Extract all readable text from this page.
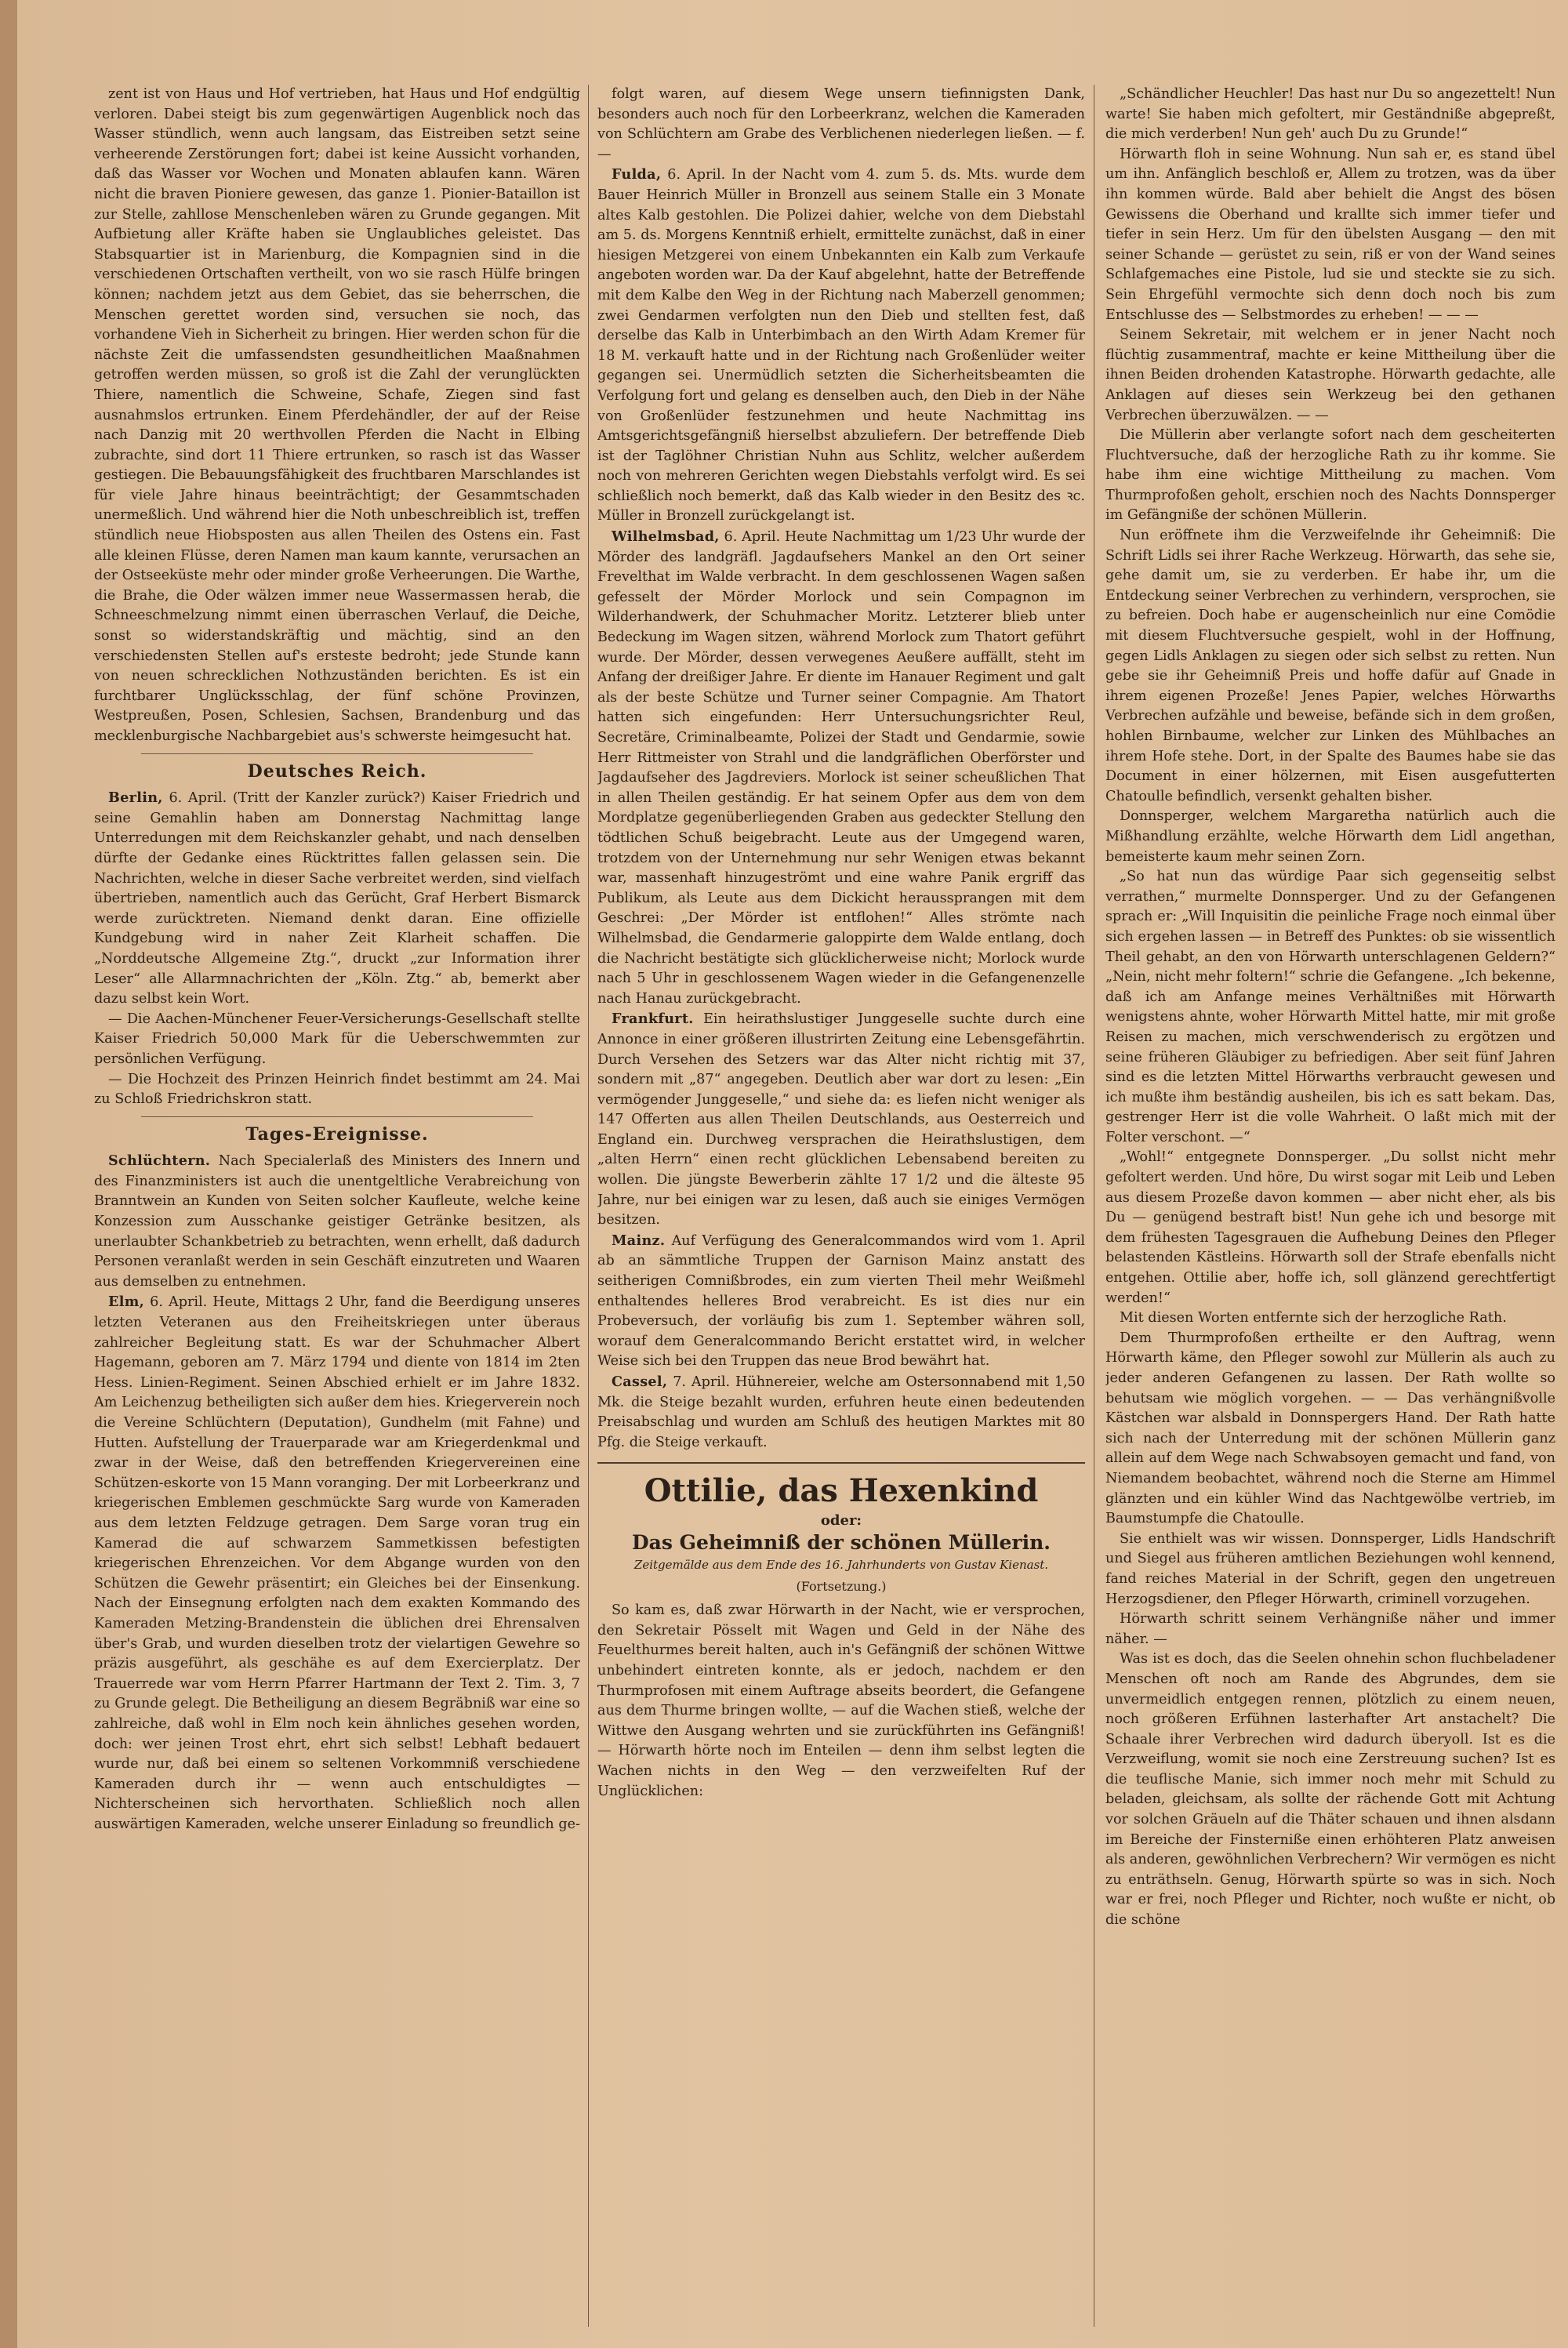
zent ist von Haus und Hof vertrieben, hat Haus und Hof endgültig verloren. Dabei steigt bis zum gegenwärtigen Augenblick noch das Wasser stündlich, wenn auch langsam, das Eistreiben setzt seine verheerende Zerstörungen fort; dabei ist keine Aussicht vorhanden, daß das Wasser vor Wochen und Monaten ablaufen kann. Wären nicht die braven Pioniere gewesen, das ganze 1. Pionier-Bataillon ist zur Stelle, zahllose Menschenleben wären zu Grunde gegangen. Mit Aufbietung aller Kräfte haben sie Unglaubliches geleistet. Das Stabsquartier ist in Marienburg, die Kompagnien sind in die verschiedenen Ortschaften vertheilt, von wo sie rasch Hülfe bringen können; nachdem jetzt aus dem Gebiet, das sie beherrschen, die Menschen gerettet worden sind, versuchen sie noch, das vorhandene Vieh in Sicherheit zu bringen. Hier werden schon für die nächste Zeit die umfassendsten gesundheitlichen Maaßnahmen getroffen werden müssen, so groß ist die Zahl der verunglückten Thiere, namentlich die Schweine, Schafe, Ziegen sind fast ausnahmslos ertrunken. Einem Pferdehändler, der auf der Reise nach Danzig mit 20 werthvollen Pferden die Nacht in Elbing zubrachte, sind dort 11 Thiere ertrunken, so rasch ist das Wasser gestiegen. Die Bebauungsfähigkeit des fruchtbaren Marschlandes ist für viele Jahre hinaus beeinträchtigt; der Gesammtschaden unermeßlich. Und während hier die Noth unbeschreiblich ist, treffen stündlich neue Hiobsposten aus allen Theilen des Ostens ein. Fast alle kleinen Flüsse, deren Namen man kaum kannte, verursachen an der Ostseeküste mehr oder minder große Verheerungen. Die Warthe, die Brahe, die Oder wälzen immer neue Wassermassen herab, die Schneeschmelzung nimmt einen überraschen Verlauf, die Deiche, sonst so widerstandskräftig und mächtig, sind an den verschiedensten Stellen auf's ersteste bedroht; jede Stunde kann von neuen schrecklichen Nothzuständen berichten. Es ist ein furchtbarer Unglücksschlag, der fünf schöne Provinzen, Westpreußen, Posen, Schlesien, Sachsen, Brandenburg und das mecklenburgische Nachbargebiet aus's schwerste heimgesucht hat.

Deutsches Reich.

Berlin, 6. April. (Tritt der Kanzler zurück?) Kaiser Friedrich und seine Gemahlin haben am Donnerstag Nachmittag lange Unterredungen mit dem Reichskanzler gehabt, und nach denselben dürfte der Gedanke eines Rücktrittes fallen gelassen sein. Die Nachrichten, welche in dieser Sache verbreitet werden, sind vielfach übertrieben, namentlich auch das Gerücht, Graf Herbert Bismarck werde zurücktreten. Niemand denkt daran. Eine offizielle Kundgebung wird in naher Zeit Klarheit schaffen. Die „Norddeutsche Allgemeine Ztg.“, druckt „zur Information ihrer Leser“ alle Allarmnachrichten der „Köln. Ztg.“ ab, bemerkt aber dazu selbst kein Wort.

— Die Aachen-Münchener Feuer-Versicherungs-Gesellschaft stellte Kaiser Friedrich 50,000 Mark für die Ueberschwemmten zur persönlichen Verfügung.

— Die Hochzeit des Prinzen Heinrich findet bestimmt am 24. Mai zu Schloß Friedrichskron statt.

Tages-Ereignisse.

Schlüchtern. Nach Specialerlaß des Ministers des Innern und des Finanzministers ist auch die unentgeltliche Verabreichung von Branntwein an Kunden von Seiten solcher Kaufleute, welche keine Konzession zum Ausschanke geistiger Getränke besitzen, als unerlaubter Schankbetrieb zu betrachten, wenn erhellt, daß dadurch Personen veranlaßt werden in sein Geschäft einzutreten und Waaren aus demselben zu entnehmen.

Elm, 6. April. Heute, Mittags 2 Uhr, fand die Beerdigung unseres letzten Veteranen aus den Freiheitskriegen unter überaus zahlreicher Begleitung statt. Es war der Schuhmacher Albert Hagemann, geboren am 7. März 1794 und diente von 1814 im 2ten Hess. Linien-Regiment. Seinen Abschied erhielt er im Jahre 1832. Am Leichenzug betheiligten sich außer dem hies. Kriegerverein noch die Vereine Schlüchtern (Deputation), Gundhelm (mit Fahne) und Hutten. Aufstellung der Trauerparade war am Kriegerdenkmal und zwar in der Weise, daß den betreffenden Kriegervereinen eine Schützen-eskorte von 15 Mann voranging. Der mit Lorbeerkranz und kriegerischen Emblemen geschmückte Sarg wurde von Kameraden aus dem letzten Feldzuge getragen. Dem Sarge voran trug ein Kamerad die auf schwarzem Sammetkissen befestigten kriegerischen Ehrenzeichen. Vor dem Abgange wurden von den Schützen die Gewehr präsentirt; ein Gleiches bei der Einsenkung. Nach der Einsegnung erfolgten nach dem exakten Kommando des Kameraden Metzing-Brandenstein die üblichen drei Ehrensalven über's Grab, und wurden dieselben trotz der vielartigen Gewehre so präzis ausgeführt, als geschähe es auf dem Exercierplatz. Der Trauerrede war vom Herrn Pfarrer Hartmann der Text 2. Tim. 3, 7 zu Grunde gelegt. Die Betheiligung an diesem Begräbniß war eine so zahlreiche, daß wohl in Elm noch kein ähnliches gesehen worden, doch: wer jeinen Trost ehrt, ehrt sich selbst! Lebhaft bedauert wurde nur, daß bei einem so seltenen Vorkommniß verschiedene Kameraden durch ihr — wenn auch entschuldigtes — Nichterscheinen sich hervorthaten. Schließlich noch allen auswärtigen Kameraden, welche unserer Einladung so freundlich ge-

folgt waren, auf diesem Wege unsern tiefinnigsten Dank, besonders auch noch für den Lorbeerkranz, welchen die Kameraden von Schlüchtern am Grabe des Verblichenen niederlegen ließen. — f. —

Fulda, 6. April. In der Nacht vom 4. zum 5. ds. Mts. wurde dem Bauer Heinrich Müller in Bronzell aus seinem Stalle ein 3 Monate altes Kalb gestohlen. Die Polizei dahier, welche von dem Diebstahl am 5. ds. Morgens Kenntniß erhielt, ermittelte zunächst, daß in einer hiesigen Metzgerei von einem Unbekannten ein Kalb zum Verkaufe angeboten worden war. Da der Kauf abgelehnt, hatte der Betreffende mit dem Kalbe den Weg in der Richtung nach Maberzell genommen; zwei Gendarmen verfolgten nun den Dieb und stellten fest, daß derselbe das Kalb in Unterbimbach an den Wirth Adam Kremer für 18 M. verkauft hatte und in der Richtung nach Großenlüder weiter gegangen sei. Unermüdlich setzten die Sicherheitsbeamten die Verfolgung fort und gelang es denselben auch, den Dieb in der Nähe von Großenlüder festzunehmen und heute Nachmittag ins Amtsgerichtsgefängniß hierselbst abzuliefern. Der betreffende Dieb ist der Taglöhner Christian Nuhn aus Schlitz, welcher außerdem noch von mehreren Gerichten wegen Diebstahls verfolgt wird. Es sei schließlich noch bemerkt, daß das Kalb wieder in den Besitz des ꝛc. Müller in Bronzell zurückgelangt ist.

Wilhelmsbad, 6. April. Heute Nachmittag um 1/23 Uhr wurde der Mörder des landgräfl. Jagdaufsehers Mankel an den Ort seiner Frevelthat im Walde verbracht. In dem geschlossenen Wagen saßen gefesselt der Mörder Morlock und sein Compagnon im Wilderhandwerk, der Schuhmacher Moritz. Letzterer blieb unter Bedeckung im Wagen sitzen, während Morlock zum Thatort geführt wurde. Der Mörder, dessen verwegenes Aeußere auffällt, steht im Anfang der dreißiger Jahre. Er diente im Hanauer Regiment und galt als der beste Schütze und Turner seiner Compagnie. Am Thatort hatten sich eingefunden: Herr Untersuchungsrichter Reul, Secretäre, Criminalbeamte, Polizei der Stadt und Gendarmie, sowie Herr Rittmeister von Strahl und die landgräflichen Oberförster und Jagdaufseher des Jagdreviers. Morlock ist seiner scheußlichen That in allen Theilen geständig. Er hat seinem Opfer aus dem von dem Mordplatze gegenüberliegenden Graben aus gedeckter Stellung den tödtlichen Schuß beigebracht. Leute aus der Umgegend waren, trotzdem von der Unternehmung nur sehr Wenigen etwas bekannt war, massenhaft hinzugeströmt und eine wahre Panik ergriff das Publikum, als Leute aus dem Dickicht heraussprangen mit dem Geschrei: „Der Mörder ist entflohen!“ Alles strömte nach Wilhelmsbad, die Gendarmerie galoppirte dem Walde entlang, doch die Nachricht bestätigte sich glücklicherweise nicht; Morlock wurde nach 5 Uhr in geschlossenem Wagen wieder in die Gefangenenzelle nach Hanau zurückgebracht.

Frankfurt. Ein heirathslustiger Junggeselle suchte durch eine Annonce in einer größeren illustrirten Zeitung eine Lebensgefährtin. Durch Versehen des Setzers war das Alter nicht richtig mit 37, sondern mit „87“ angegeben. Deutlich aber war dort zu lesen: „Ein vermögender Junggeselle,“ und siehe da: es liefen nicht weniger als 147 Offerten aus allen Theilen Deutschlands, aus Oesterreich und England ein. Durchweg versprachen die Heirathslustigen, dem „alten Herrn“ einen recht glücklichen Lebensabend bereiten zu wollen. Die jüngste Bewerberin zählte 17 1/2 und die älteste 95 Jahre, nur bei einigen war zu lesen, daß auch sie einiges Vermögen besitzen.

Mainz. Auf Verfügung des Generalcommandos wird vom 1. April ab an sämmtliche Truppen der Garnison Mainz anstatt des seitherigen Comnißbrodes, ein zum vierten Theil mehr Weißmehl enthaltendes helleres Brod verabreicht. Es ist dies nur ein Probeversuch, der vorläufig bis zum 1. September währen soll, worauf dem Generalcommando Bericht erstattet wird, in welcher Weise sich bei den Truppen das neue Brod bewährt hat.

Cassel, 7. April. Hühnereier, welche am Ostersonnabend mit 1,50 Mk. die Steige bezahlt wurden, erfuhren heute einen bedeutenden Preisabschlag und wurden am Schluß des heutigen Marktes mit 80 Pfg. die Steige verkauft.

Ottilie, das Hexenkind
oder:
Das Geheimniß der schönen Müllerin.
Zeitgemälde aus dem Ende des 16. Jahrhunderts von Gustav Kienast.
(Fortsetzung.)

So kam es, daß zwar Hörwarth in der Nacht, wie er versprochen, den Sekretair Pösselt mit Wagen und Geld in der Nähe des Feuelthurmes bereit halten, auch in's Gefängniß der schönen Wittwe unbehindert eintreten konnte, als er jedoch, nachdem er den Thurmprofosen mit einem Auftrage abseits beordert, die Gefangene aus dem Thurme bringen wollte, — auf die Wachen stieß, welche der Wittwe den Ausgang wehrten und sie zurückführten ins Gefängniß! — Hörwarth hörte noch im Enteilen — denn ihm selbst legten die Wachen nichts in den Weg — den verzweifelten Ruf der Unglücklichen:

„Schändlicher Heuchler! Das hast nur Du so angezettelt! Nun warte! Sie haben mich gefoltert, mir Geständniße abgepreßt, die mich verderben! Nun geh' auch Du zu Grunde!“

Hörwarth floh in seine Wohnung. Nun sah er, es stand übel um ihn. Anfänglich beschloß er, Allem zu trotzen, was da über ihn kommen würde. Bald aber behielt die Angst des bösen Gewissens die Oberhand und krallte sich immer tiefer und tiefer in sein Herz. Um für den übelsten Ausgang — den mit seiner Schande — gerüstet zu sein, riß er von der Wand seines Schlafgemaches eine Pistole, lud sie und steckte sie zu sich. Sein Ehrgefühl vermochte sich denn doch noch bis zum Entschlusse des — Selbstmordes zu erheben! — — —

Seinem Sekretair, mit welchem er in jener Nacht noch flüchtig zusammentraf, machte er keine Mittheilung über die ihnen Beiden drohenden Katastrophe. Hörwarth gedachte, alle Anklagen auf dieses sein Werkzeug bei den gethanen Verbrechen überzuwälzen. — —

Die Müllerin aber verlangte sofort nach dem gescheiterten Fluchtversuche, daß der herzogliche Rath zu ihr komme. Sie habe ihm eine wichtige Mittheilung zu machen. Vom Thurmprofoßen geholt, erschien noch des Nachts Donnsperger im Gefängniße der schönen Müllerin.

Nun eröffnete ihm die Verzweifelnde ihr Geheimniß: Die Schrift Lidls sei ihrer Rache Werkzeug. Hörwarth, das sehe sie, gehe damit um, sie zu verderben. Er habe ihr, um die Entdeckung seiner Verbrechen zu verhindern, versprochen, sie zu befreien. Doch habe er augenscheinlich nur eine Comödie mit diesem Fluchtversuche gespielt, wohl in der Hoffnung, gegen Lidls Anklagen zu siegen oder sich selbst zu retten. Nun gebe sie ihr Geheimniß Preis und hoffe dafür auf Gnade in ihrem eigenen Prozeße! Jenes Papier, welches Hörwarths Verbrechen aufzähle und beweise, befände sich in dem großen, hohlen Birnbaume, welcher zur Linken des Mühlbaches an ihrem Hofe stehe. Dort, in der Spalte des Baumes habe sie das Document in einer hölzernen, mit Eisen ausgefutterten Chatoulle befindlich, versenkt gehalten bisher.

Donnsperger, welchem Margaretha natürlich auch die Mißhandlung erzählte, welche Hörwarth dem Lidl angethan, bemeisterte kaum mehr seinen Zorn.

„So hat nun das würdige Paar sich gegenseitig selbst verrathen,“ murmelte Donnsperger. Und zu der Gefangenen sprach er: „Will Inquisitin die peinliche Frage noch einmal über sich ergehen lassen — in Betreff des Punktes: ob sie wissentlich Theil gehabt, an den von Hörwarth unterschlagenen Geldern?“ „Nein, nicht mehr foltern!“ schrie die Gefangene. „Ich bekenne, daß ich am Anfange meines Verhältnißes mit Hörwarth wenigstens ahnte, woher Hörwarth Mittel hatte, mir mit große Reisen zu machen, mich verschwenderisch zu ergötzen und seine früheren Gläubiger zu befriedigen. Aber seit fünf Jahren sind es die letzten Mittel Hörwarths verbraucht gewesen und ich mußte ihm beständig ausheilen, bis ich es satt bekam. Das, gestrenger Herr ist die volle Wahrheit. O laßt mich mit der Folter verschont. —“

„Wohl!“ entgegnete Donnsperger. „Du sollst nicht mehr gefoltert werden. Und höre, Du wirst sogar mit Leib und Leben aus diesem Prozeße davon kommen — aber nicht eher, als bis Du — genügend bestraft bist! Nun gehe ich und besorge mit dem frühesten Tagesgrauen die Aufhebung Deines den Pfleger belastenden Kästleins. Hörwarth soll der Strafe ebenfalls nicht entgehen. Ottilie aber, hoffe ich, soll glänzend gerechtfertigt werden!“

Mit diesen Worten entfernte sich der herzogliche Rath.

Dem Thurmprofoßen ertheilte er den Auftrag, wenn Hörwarth käme, den Pfleger sowohl zur Müllerin als auch zu jeder anderen Gefangenen zu lassen. Der Rath wollte so behutsam wie möglich vorgehen. — — Das verhängnißvolle Kästchen war alsbald in Donnspergers Hand. Der Rath hatte sich nach der Unterredung mit der schönen Müllerin ganz allein auf dem Wege nach Schwabsoyen gemacht und fand, von Niemandem beobachtet, während noch die Sterne am Himmel glänzten und ein kühler Wind das Nachtgewölbe vertrieb, im Baumstumpfe die Chatoulle.

Sie enthielt was wir wissen. Donnsperger, Lidls Handschrift und Siegel aus früheren amtlichen Beziehungen wohl kennend, fand reiches Material in der Schrift, gegen den ungetreuen Herzogsdiener, den Pfleger Hörwarth, criminell vorzugehen.

Hörwarth schritt seinem Verhängniße näher und immer näher. —

Was ist es doch, das die Seelen ohnehin schon fluchbeladener Menschen oft noch am Rande des Abgrundes, dem sie unvermeidlich entgegen rennen, plötzlich zu einem neuen, noch größeren Erfühnen lasterhafter Art anstachelt? Die Schaale ihrer Verbrechen wird dadurch überyoll. Ist es die Verzweiflung, womit sie noch eine Zerstreuung suchen? Ist es die teuflische Manie, sich immer noch mehr mit Schuld zu beladen, gleichsam, als sollte der rächende Gott mit Achtung vor solchen Gräueln auf die Thäter schauen und ihnen alsdann im Bereiche der Finsterniße einen erhöhteren Platz anweisen als anderen, gewöhnlichen Verbrechern? Wir vermögen es nicht zu enträthseln. Genug, Hörwarth spürte so was in sich. Noch war er frei, noch Pfleger und Richter, noch wußte er nicht, ob die schöne
